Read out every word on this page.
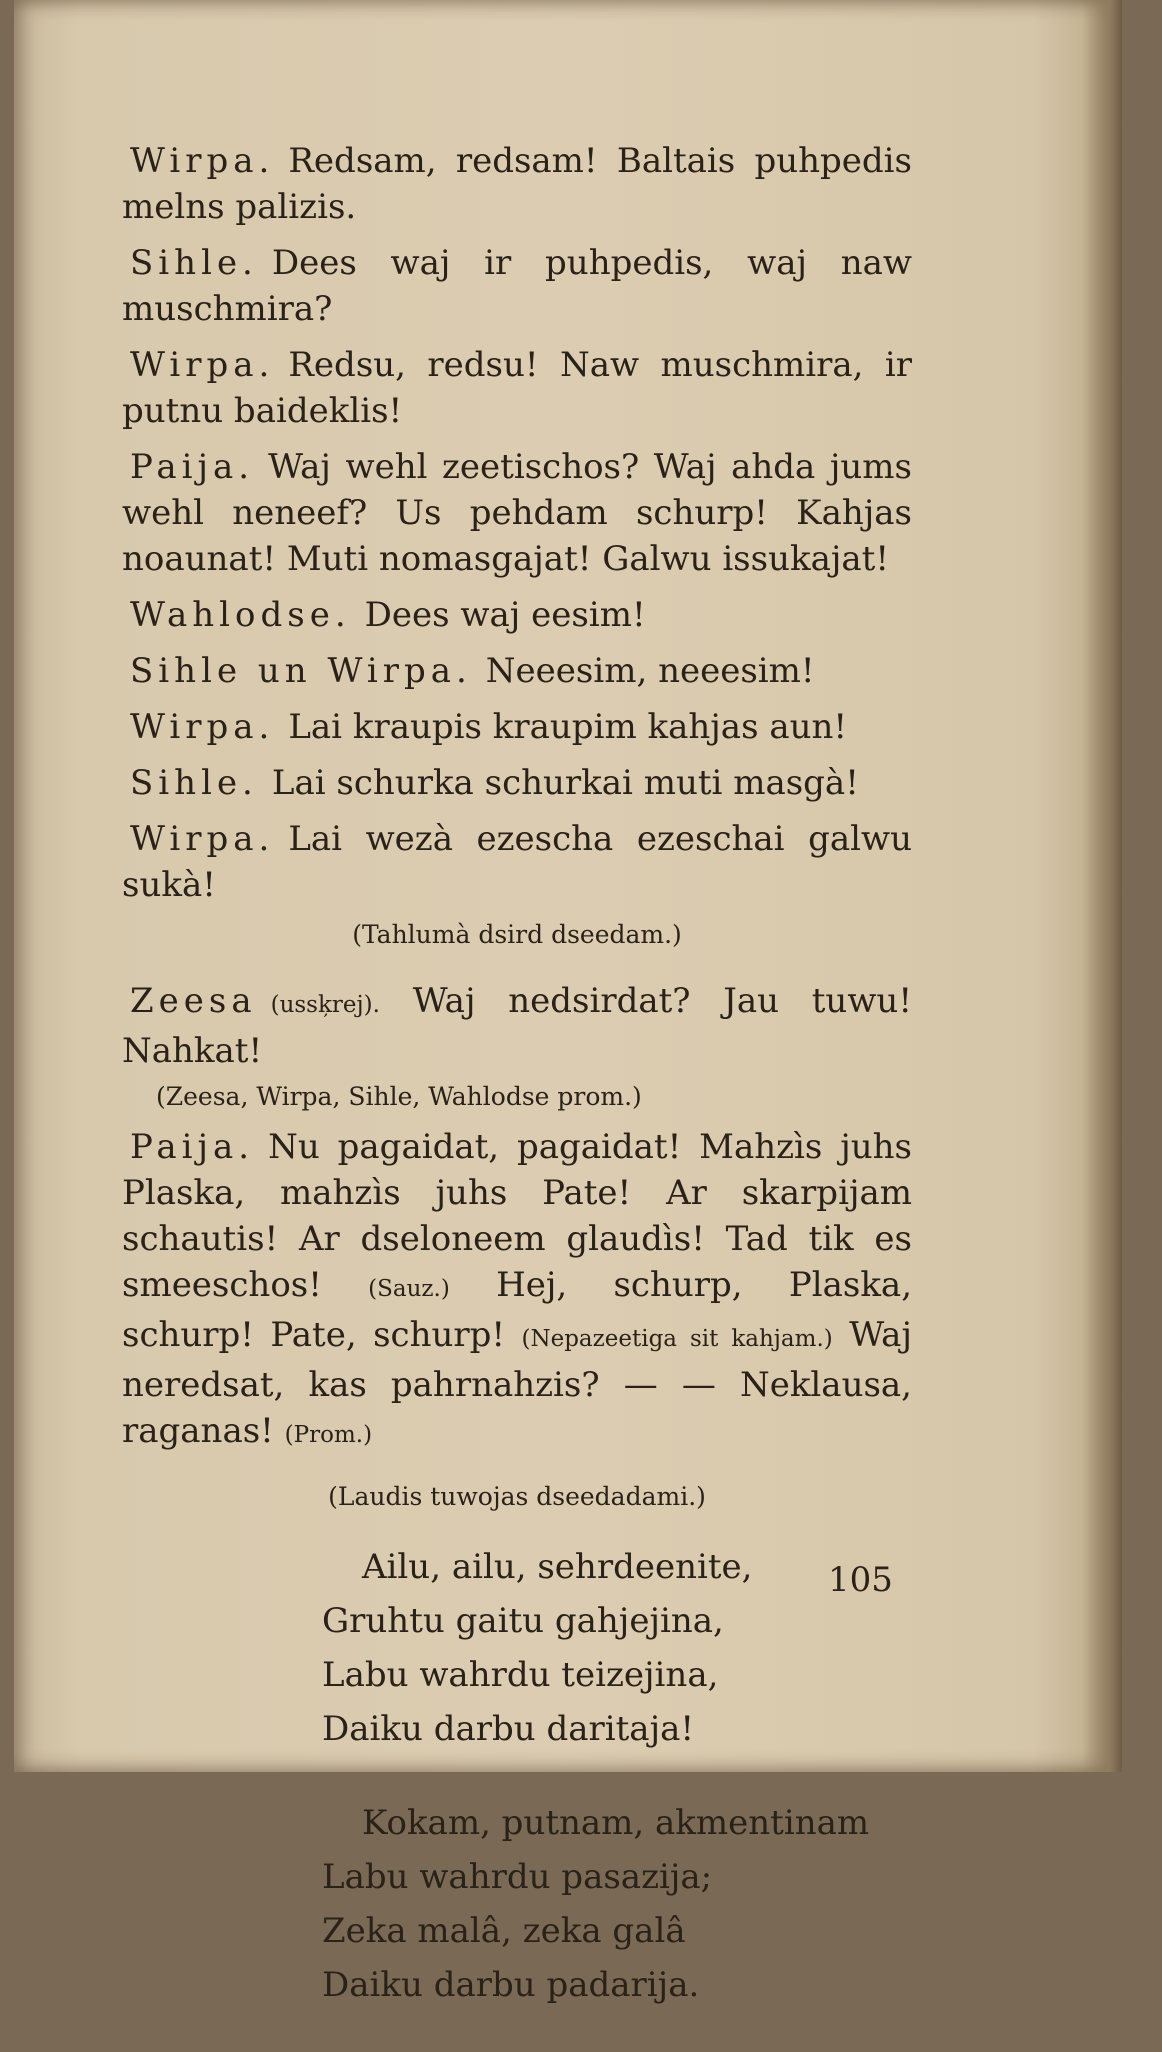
Wirpa. Redsam, redsam! Baltais puhpedis melns palizis.

Sihle. Dees waj ir puhpedis, waj naw muschmira?

Wirpa. Redsu, redsu! Naw muschmira, ir putnu baideklis!

Paija. Waj wehl zeetischos? Waj ahda jums wehl neneef? Us pehdam schurp! Kahjas noaunat! Muti nomasgajat! Galwu issukajat!

Wahlodse. Dees waj eesim!

Sihle un Wirpa. Neeesim, neeesim!

Wirpa. Lai kraupis kraupim kahjas aun!

Sihle. Lai schurka schurkai muti masgà!

Wirpa. Lai wezà ezescha ezeschai galwu sukà!

(Tahlumà dsird dseedam.)

Zeesa (ussķrej). Waj nedsirdat? Jau tuwu! Nahkat!

(Zeesa, Wirpa, Sihle, Wahlodse prom.)

Paija. Nu pagaidat, pagaidat! Mahzìs juhs Plaska, mahzìs juhs Pate! Ar skarpijam schautis! Ar dseloneem glaudìs! Tad tik es smeeschos! (Sauz.) Hej, schurp, Plaska, schurp! Pate, schurp! (Nepazeetiga sit kahjam.) Waj neredsat, kas pahrnahzis? — — Neklausa, raganas! (Prom.)

(Laudis tuwojas dseedadami.)

Ailu, ailu, sehrdeenite,

Gruhtu gaitu gahjejina,

Labu wahrdu teizejina,

Daiku darbu daritaja!

Kokam, putnam, akmentinam

Labu wahrdu pasazija;

Zeka malâ, zeka galâ

Daiku darbu padarija.

105
